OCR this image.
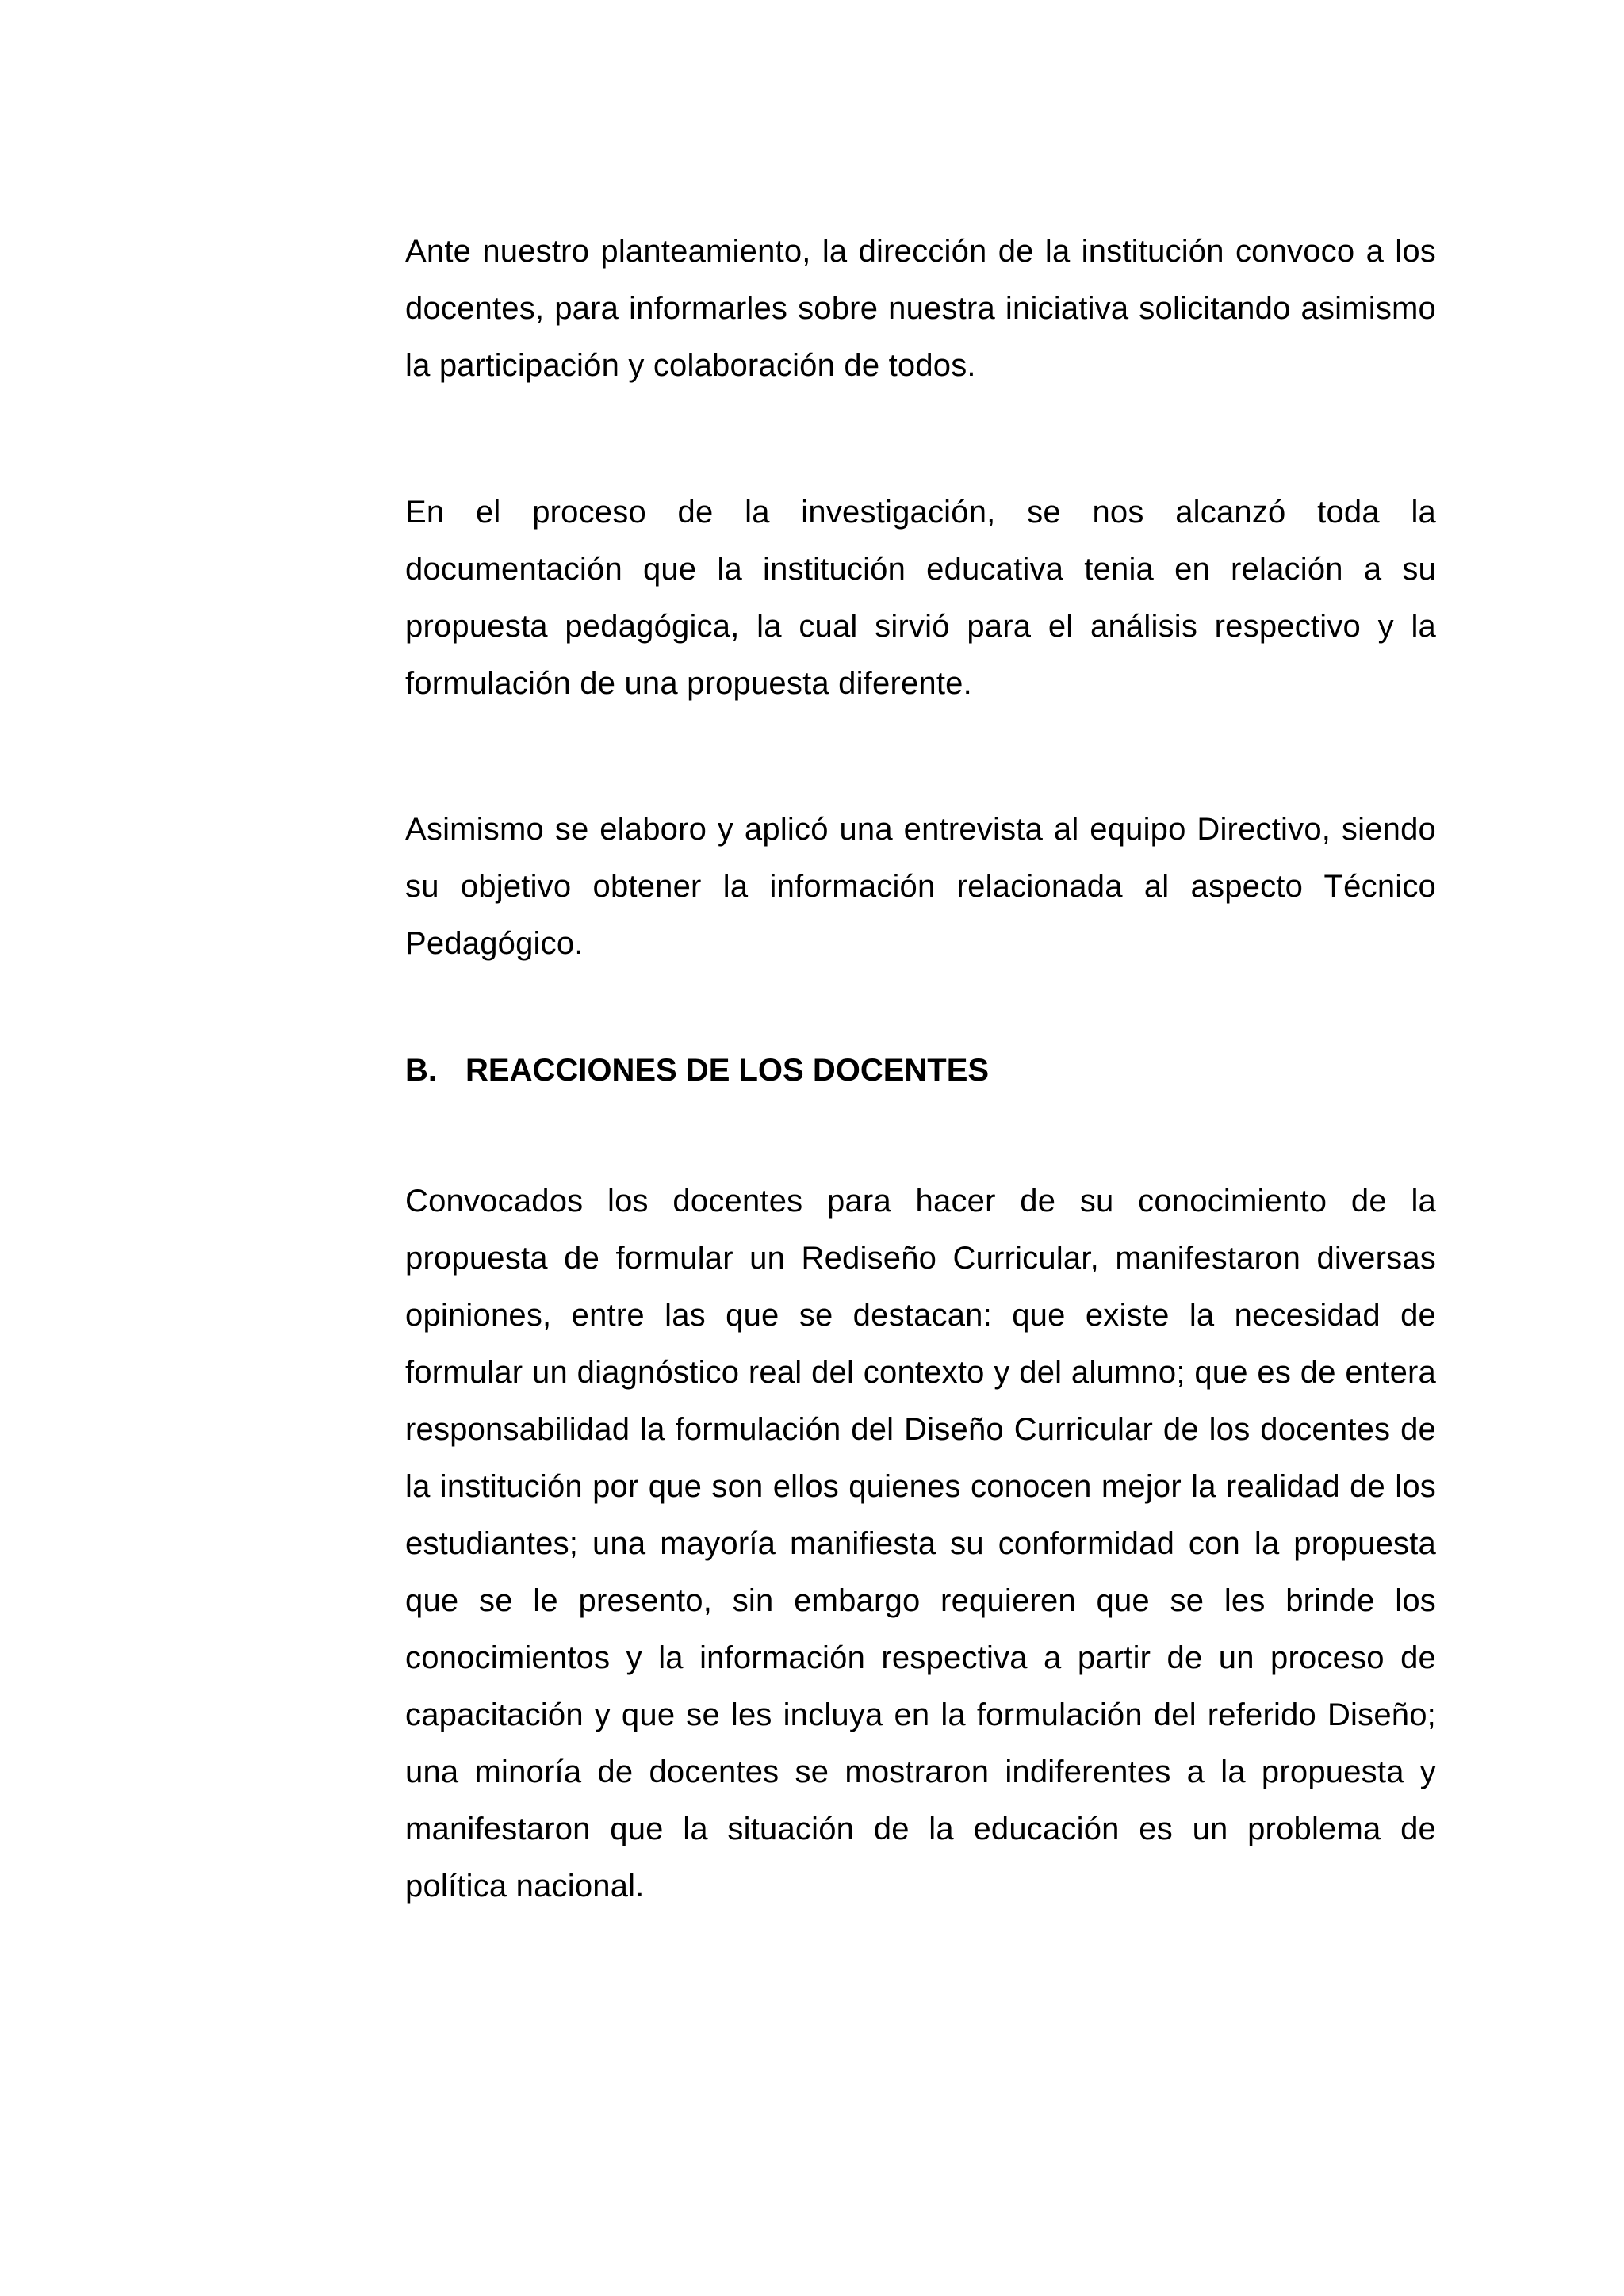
Ante nuestro planteamiento, la dirección de la institución convoco a los docentes, para informarles sobre nuestra iniciativa solicitando asimismo la participación y colaboración de todos.

En el proceso de la investigación, se nos alcanzó toda la documentación que la institución educativa tenia en relación a su propuesta pedagógica, la cual sirvió para el análisis respectivo y la formulación de una propuesta diferente.

Asimismo se elaboro y aplicó una entrevista al equipo Directivo, siendo su objetivo obtener la información relacionada al aspecto Técnico Pedagógico.

B. REACCIONES DE LOS DOCENTES

Convocados los docentes para hacer de su conocimiento de la propuesta de formular un Rediseño Curricular, manifestaron diversas opiniones, entre las que se destacan: que existe la necesidad de formular un diagnóstico real del contexto y del alumno; que es de entera responsabilidad la formulación del Diseño Curricular de los docentes de la institución por que son ellos quienes conocen mejor la realidad de los estudiantes; una mayoría manifiesta su conformidad con la propuesta que se le presento, sin embargo requieren que se les brinde los conocimientos y la información respectiva a partir de un proceso de capacitación y que se les incluya en la formulación del referido Diseño; una minoría de docentes se mostraron indiferentes a la propuesta y manifestaron que la situación de la educación es un problema de política nacional.
